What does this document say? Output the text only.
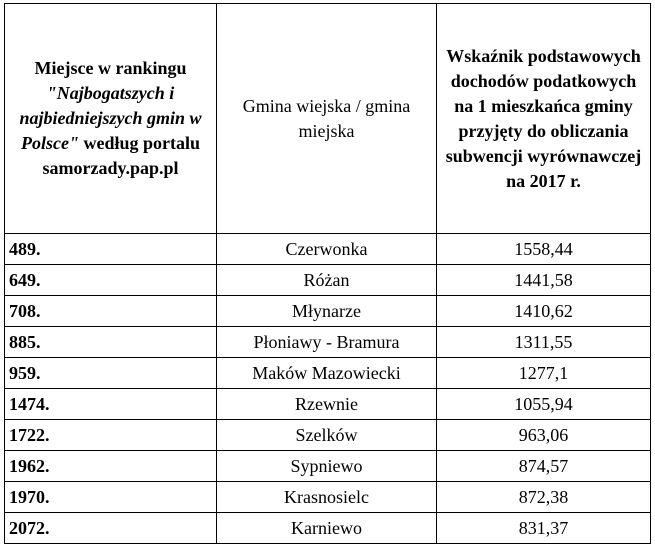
Miejsce w rankingu "Najbogatszych i najbiedniejszych gmin w Polsce" według portalu samorzady.pap.pl	Gmina wiejska / gmina miejska	Wskaźnik podstawowych dochodów podatkowych na 1 mieszkańca gminy przyjęty do obliczania subwencji wyrównawczej na 2017 r.
489.	Czerwonka	1558,44
649.	Różan	1441,58
708.	Młynarze	1410,62
885.	Płoniawy - Bramura	1311,55
959.	Maków Mazowiecki	1277,1
1474.	Rzewnie	1055,94
1722.	Szelków	963,06
1962.	Sypniewo	874,57
1970.	Krasnosielc	872,38
2072.	Karniewo	831,37
